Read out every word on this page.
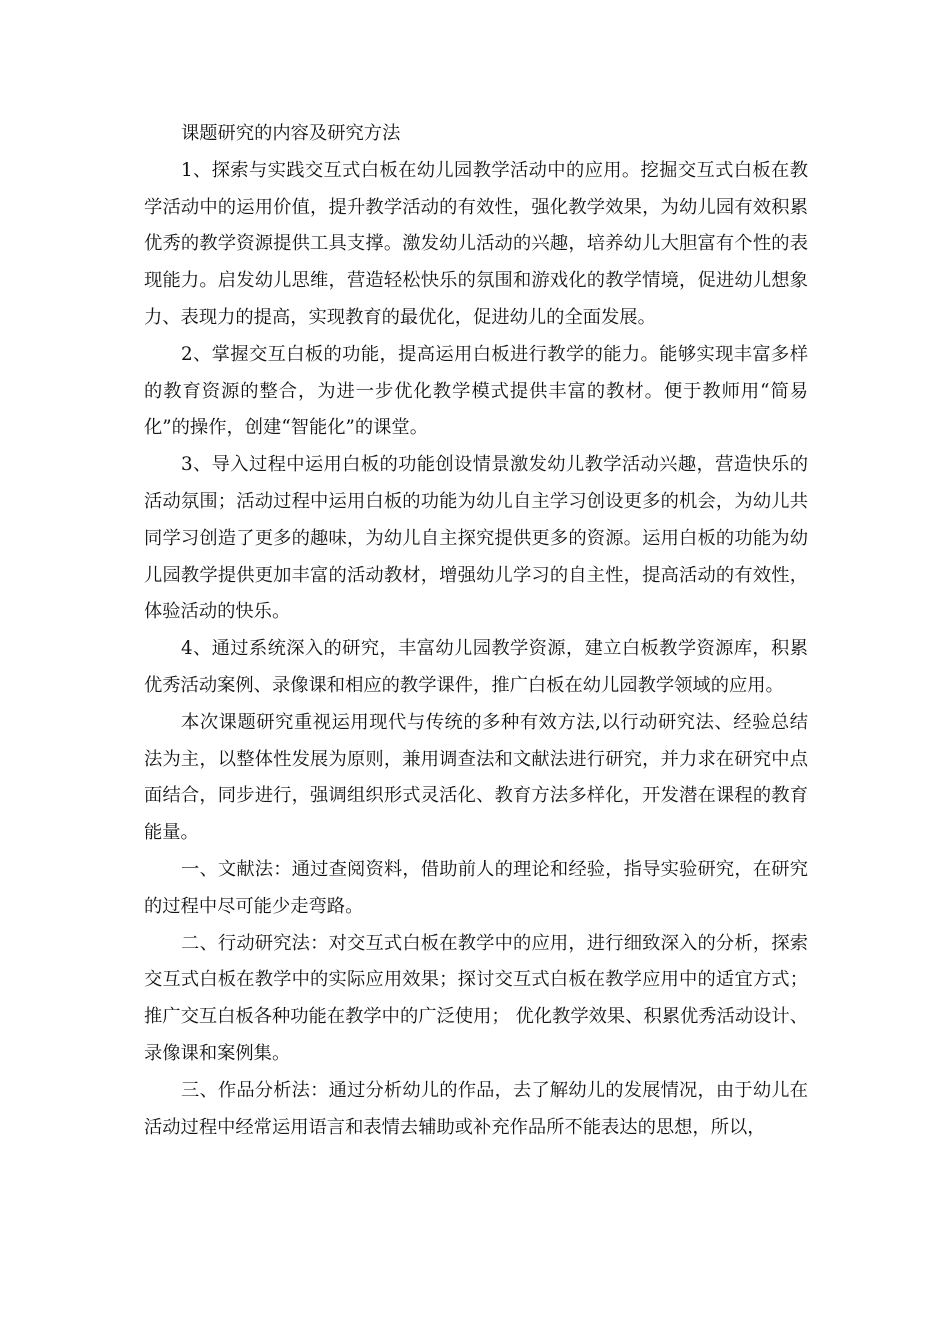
课题研究的内容及研究方法

1、探索与实践交互式白板在幼儿园教学活动中的应用。挖掘交互式白板在教学活动中的运用价值，提升教学活动的有效性，强化教学效果，为幼儿园有效积累优秀的教学资源提供工具支撑。激发幼儿活动的兴趣，培养幼儿大胆富有个性的表现能力。启发幼儿思维，营造轻松快乐的氛围和游戏化的教学情境，促进幼儿想象力、表现力的提高，实现教育的最优化，促进幼儿的全面发展。

2、掌握交互白板的功能，提高运用白板进行教学的能力。能够实现丰富多样的教育资源的整合，为进一步优化教学模式提供丰富的教材。便于教师用“简易化”的操作，创建“智能化”的课堂。

3、导入过程中运用白板的功能创设情景激发幼儿教学活动兴趣，营造快乐的活动氛围；活动过程中运用白板的功能为幼儿自主学习创设更多的机会，为幼儿共同学习创造了更多的趣味，为幼儿自主探究提供更多的资源。运用白板的功能为幼儿园教学提供更加丰富的活动教材，增强幼儿学习的自主性，提高活动的有效性，体验活动的快乐。

4、通过系统深入的研究，丰富幼儿园教学资源，建立白板教学资源库，积累优秀活动案例、录像课和相应的教学课件，推广白板在幼儿园教学领域的应用。

本次课题研究重视运用现代与传统的多种有效方法,以行动研究法、经验总结法为主，以整体性发展为原则，兼用调查法和文献法进行研究，并力求在研究中点面结合，同步进行，强调组织形式灵活化、教育方法多样化，开发潜在课程的教育能量。

一、文献法：通过查阅资料，借助前人的理论和经验，指导实验研究，在研究的过程中尽可能少走弯路。

二、行动研究法：对交互式白板在教学中的应用，进行细致深入的分析，探索交互式白板在教学中的实际应用效果；探讨交互式白板在教学应用中的适宜方式；推广交互白板各种功能在教学中的广泛使用； 优化教学效果、积累优秀活动设计、录像课和案例集。

三、作品分析法：通过分析幼儿的作品，去了解幼儿的发展情况，由于幼儿在活动过程中经常运用语言和表情去辅助或补充作品所不能表达的思想，所以，
